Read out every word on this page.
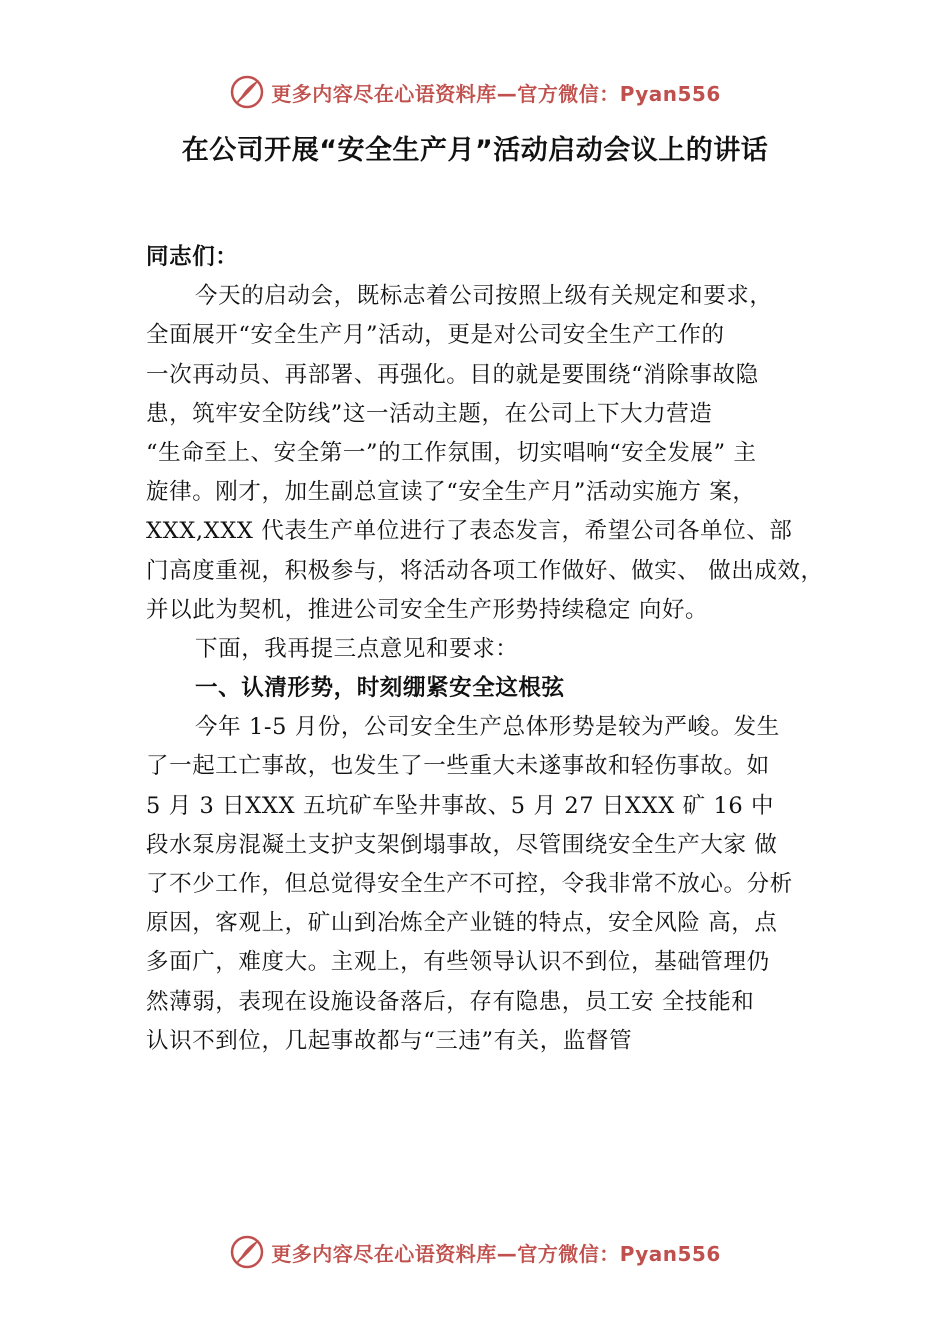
更多内容尽在心语资料库—官方微信：Pyan556
在公司开展“安全生产月”活动启动会议上的讲话
同志们：
今天的启动会，既标志着公司按照上级有关规定和要求，
全面展开“安全生产月”活动，更是对公司安全生产工作的
一次再动员、再部署、再强化。目的就是要围绕“消除事故隐
患，筑牢安全防线”这一活动主题，在公司上下大力营造
“生命至上、安全第一”的工作氛围，切实唱响“安全发展” 主
旋律。刚才，加生副总宣读了“安全生产月”活动实施方 案，
XXX,XXX 代表生产单位进行了表态发言，希望公司各单位、部
门高度重视，积极参与，将活动各项工作做好、做实、 做出成效，
并以此为契机，推进公司安全生产形势持续稳定 向好。
下面，我再提三点意见和要求：
一、认清形势，时刻绷紧安全这根弦
今年 1-5 月份，公司安全生产总体形势是较为严峻。发生
了一起工亡事故，也发生了一些重大未遂事故和轻伤事故。如
5 月 3 日XXX 五坑矿车坠井事故、5 月 27 日XXX 矿 16 中
段水泵房混凝土支护支架倒塌事故，尽管围绕安全生产大家 做
了不少工作，但总觉得安全生产不可控，令我非常不放心。分析
原因，客观上，矿山到冶炼全产业链的特点，安全风险 高，点
多面广，难度大。主观上，有些领导认识不到位，基础管理仍
然薄弱，表现在设施设备落后，存有隐患，员工安 全技能和
认识不到位，几起事故都与“三违”有关，监督管
更多内容尽在心语资料库—官方微信：Pyan556
